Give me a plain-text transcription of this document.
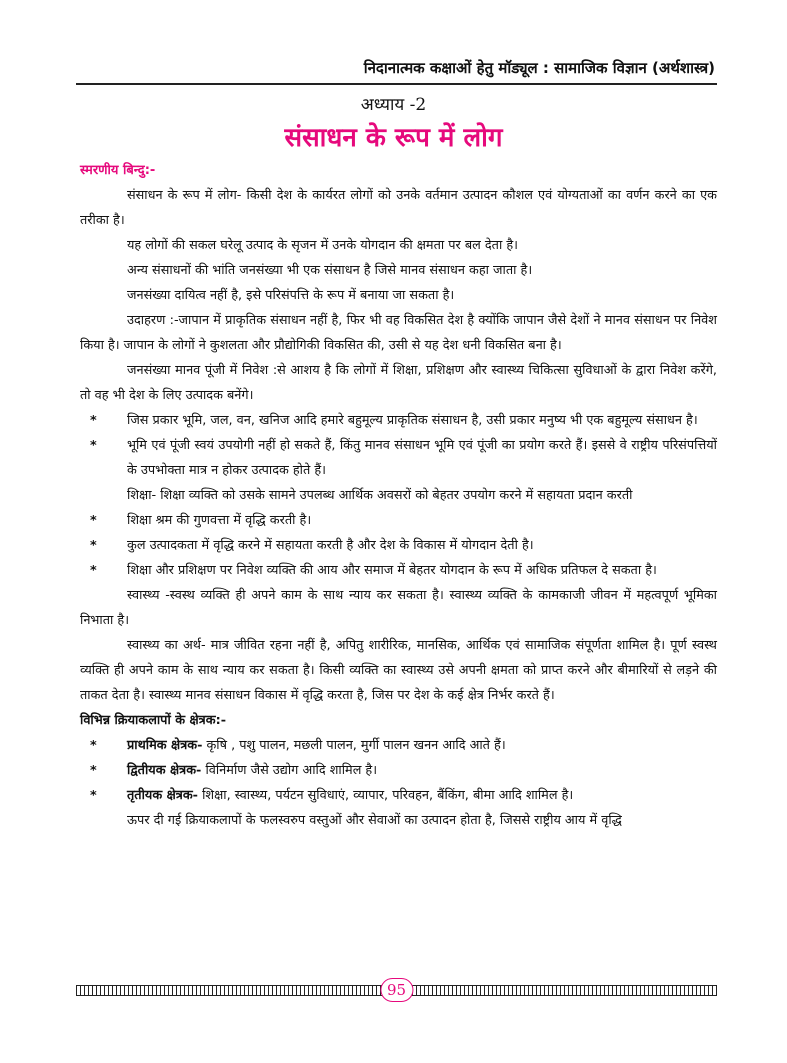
निदानात्मक कक्षाओं हेतु मॉड्यूल : सामाजिक विज्ञान (अर्थशास्त्र)
अध्याय -2
संसाधन के रूप में लोग
स्मरणीय बिन्दु:-
संसाधन के रूप में लोग- किसी देश के कार्यरत लोगों को उनके वर्तमान उत्पादन कौशल एवं योग्यताओं का वर्णन करने का एक तरीका है।
यह लोगों की सकल घरेलू उत्पाद के सृजन में उनके योगदान की क्षमता पर बल देता है।
अन्य संसाधनों की भांति जनसंख्या भी एक संसाधन है जिसे मानव संसाधन कहा जाता है।
जनसंख्या दायित्व नहीं है, इसे परिसंपत्ति के रूप में बनाया जा सकता है।
उदाहरण :-जापान में प्राकृतिक संसाधन नहीं है, फिर भी वह विकसित देश है क्योंकि जापान जैसे देशों ने मानव संसाधन पर निवेश किया है। जापान के लोगों ने कुशलता और प्रौद्योगिकी विकसित की, उसी से यह देश धनी विकसित बना है।
जनसंख्या मानव पूंजी में निवेश :से आशय है कि लोगों में शिक्षा, प्रशिक्षण और स्वास्थ्य चिकित्सा सुविधाओं के द्वारा निवेश करेंगे, तो वह भी देश के लिए उत्पादक बनेंगे।
*	जिस प्रकार भूमि, जल, वन, खनिज आदि हमारे बहुमूल्य प्राकृतिक संसाधन है, उसी प्रकार मनुष्य भी एक बहुमूल्य संसाधन है।
*	भूमि एवं पूंजी स्वयं उपयोगी नहीं हो सकते हैं, किंतु मानव संसाधन भूमि एवं पूंजी का प्रयोग करते हैं। इससे वे राष्ट्रीय परिसंपत्तियों के उपभोक्ता मात्र न होकर उत्पादक होते हैं।
शिक्षा- शिक्षा व्यक्ति को उसके सामने उपलब्ध आर्थिक अवसरों को बेहतर उपयोग करने में सहायता प्रदान करती
*	शिक्षा श्रम की गुणवत्ता में वृद्धि करती है।
*	कुल उत्पादकता में वृद्धि करने में सहायता करती है और देश के विकास में योगदान देती है।
*	शिक्षा और प्रशिक्षण पर निवेश व्यक्ति की आय और समाज में बेहतर योगदान के रूप में अधिक प्रतिफल दे सकता है।
स्वास्थ्य -स्वस्थ व्यक्ति ही अपने काम के साथ न्याय कर सकता है। स्वास्थ्य व्यक्ति के कामकाजी जीवन में महत्वपूर्ण भूमिका निभाता है।
स्वास्थ्य का अर्थ- मात्र जीवित रहना नहीं है, अपितु शारीरिक, मानसिक, आर्थिक एवं सामाजिक संपूर्णता शामिल है। पूर्ण स्वस्थ व्यक्ति ही अपने काम के साथ न्याय कर सकता है। किसी व्यक्ति का स्वास्थ्य उसे अपनी क्षमता को प्राप्त करने और बीमारियों से लड़ने की ताकत देता है। स्वास्थ्य मानव संसाधन विकास में वृद्धि करता है, जिस पर देश के कई क्षेत्र निर्भर करते हैं।
विभिन्न क्रियाकलापों के क्षेत्रक:-
*	प्राथमिक क्षेत्रक- कृषि , पशु पालन, मछली पालन, मुर्गी पालन खनन आदि आते हैं।
*	द्वितीयक क्षेत्रक- विनिर्माण जैसे उद्योग आदि शामिल है।
*	तृतीयक क्षेत्रक- शिक्षा, स्वास्थ्य, पर्यटन सुविधाएं, व्यापार, परिवहन, बैंकिंग, बीमा आदि शामिल है।
ऊपर दी गई क्रियाकलापों के फलस्वरुप वस्तुओं और सेवाओं का उत्पादन होता है, जिससे राष्ट्रीय आय में वृद्धि
95
